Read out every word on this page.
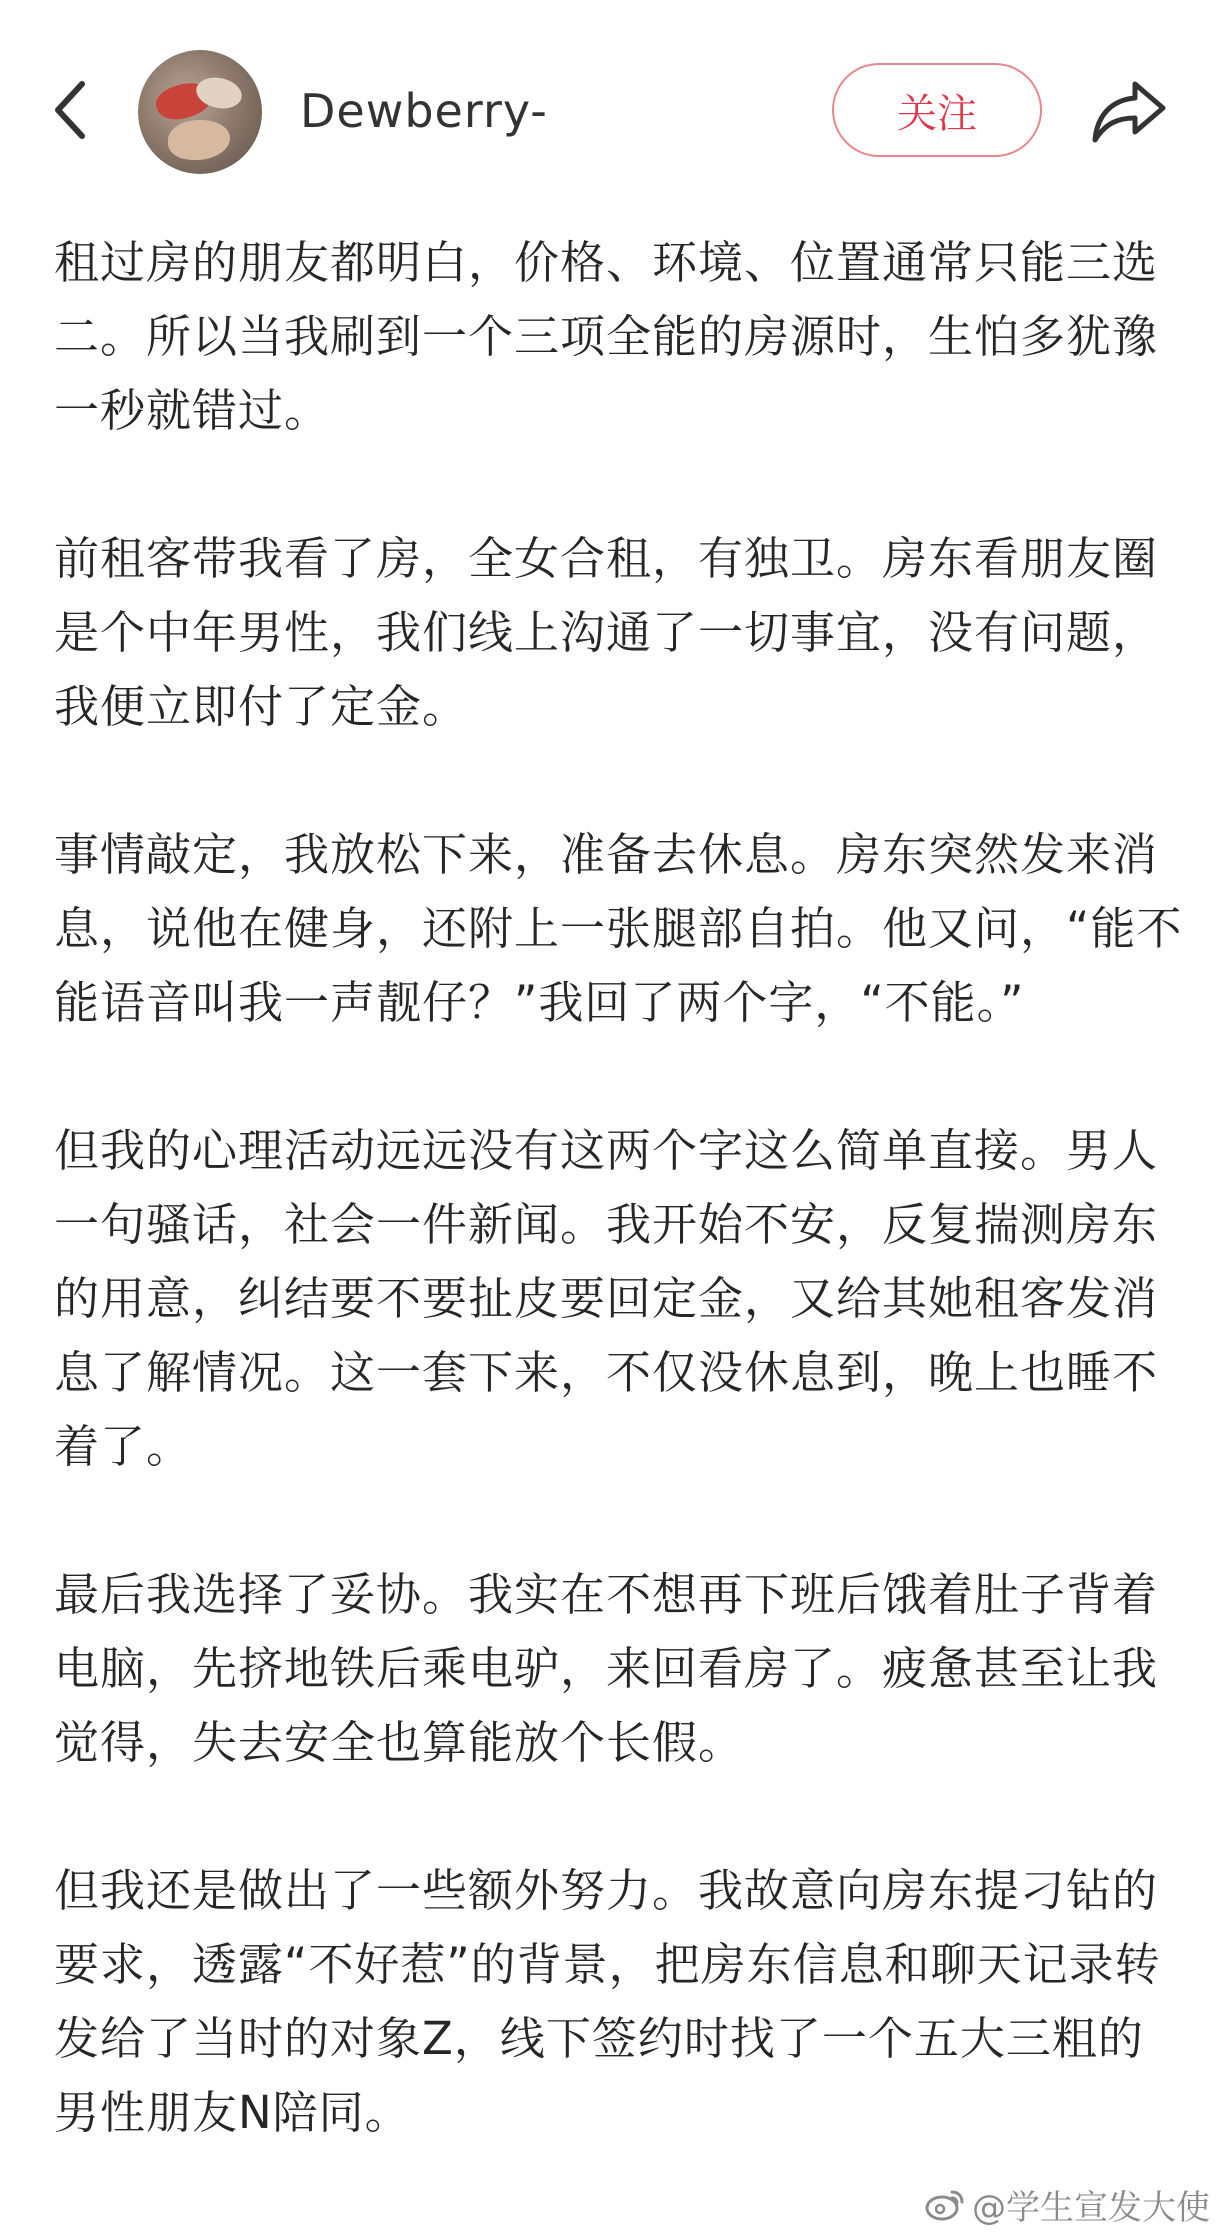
Dewberry-	关注

租过房的朋友都明白，价格、环境、位置通常只能三选二。所以当我刷到一个三项全能的房源时，生怕多犹豫一秒就错过。

前租客带我看了房，全女合租，有独卫。房东看朋友圈是个中年男性，我们线上沟通了一切事宜，没有问题，我便立即付了定金。

事情敲定，我放松下来，准备去休息。房东突然发来消息，说他在健身，还附上一张腿部自拍。他又问，“能不能语音叫我一声靓仔？”我回了两个字，“不能。”

但我的心理活动远远没有这两个字这么简单直接。男人一句骚话，社会一件新闻。我开始不安，反复揣测房东的用意，纠结要不要扯皮要回定金，又给其她租客发消息了解情况。这一套下来，不仅没休息到，晚上也睡不着了。

最后我选择了妥协。我实在不想再下班后饿着肚子背着电脑，先挤地铁后乘电驴，来回看房了。疲惫甚至让我觉得，失去安全也算能放个长假。

但我还是做出了一些额外努力。我故意向房东提刁钻的要求，透露“不好惹”的背景，把房东信息和聊天记录转发给了当时的对象Z，线下签约时找了一个五大三粗的男性朋友N陪同。

@学生宣发大使
